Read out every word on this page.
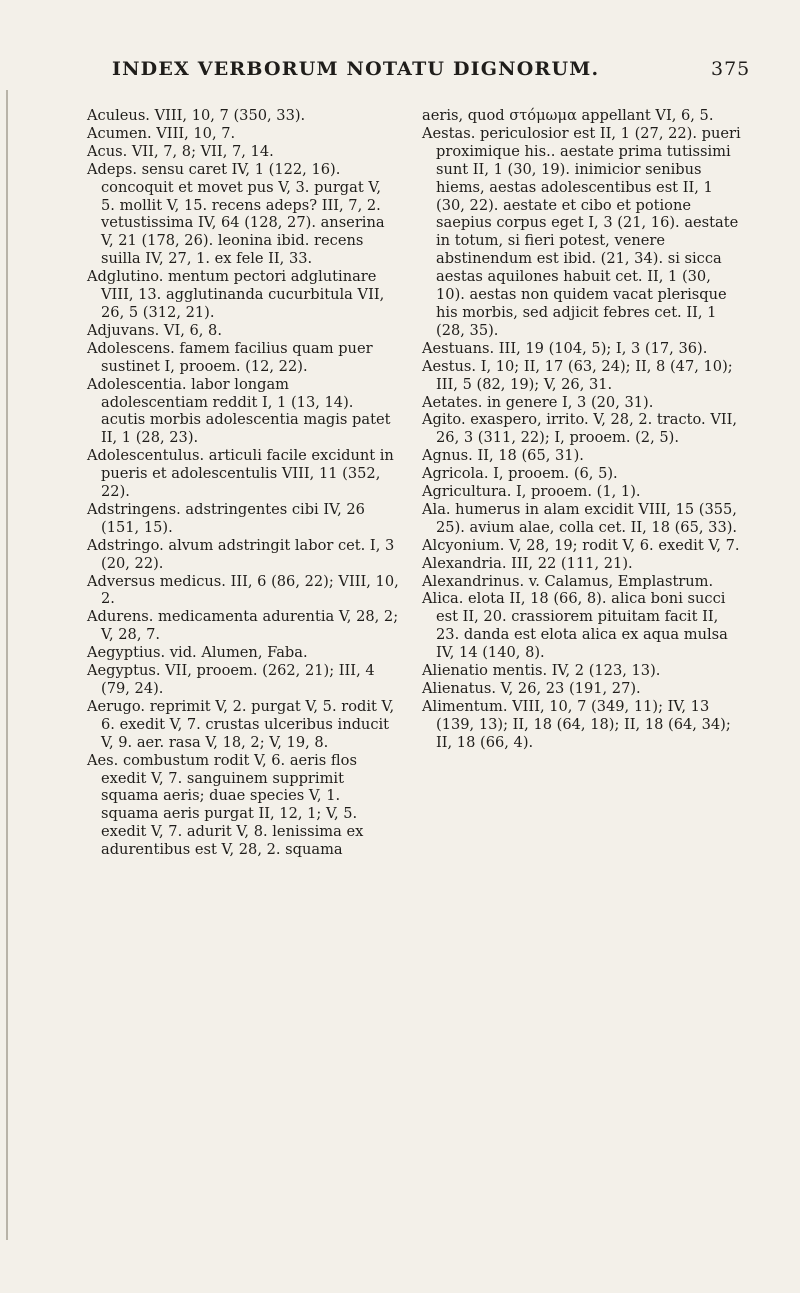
INDEX VERBORUM NOTATU DIGNORUM.	375

Aculeus. VIII, 10, 7 (350, 33).

Acumen. VIII, 10, 7.

Acus. VII, 7, 8; VII, 7, 14.

Adeps. sensu caret IV, 1 (122, 16). concoquit et movet pus V, 3. purgat V, 5. mollit V, 15. recens adeps? III, 7, 2. vetustissima IV, 64 (128, 27). anserina V, 21 (178, 26). leonina ibid. recens suilla IV, 27, 1. ex fele II, 33.

Adglutino. mentum pectori adglutinare VIII, 13. agglutinanda cucurbitula VII, 26, 5 (312, 21).

Adjuvans. VI, 6, 8.

Adolescens. famem facilius quam puer sustinet I, prooem. (12, 22).

Adolescentia. labor longam adolescentiam reddit I, 1 (13, 14). acutis morbis adolescentia magis patet II, 1 (28, 23).

Adolescentulus. articuli facile excidunt in pueris et adolescentulis VIII, 11 (352, 22).

Adstringens. adstringentes cibi IV, 26 (151, 15).

Adstringo. alvum adstringit labor cet. I, 3 (20, 22).

Adversus medicus. III, 6 (86, 22); VIII, 10, 2.

Adurens. medicamenta adurentia V, 28, 2; V, 28, 7.

Aegyptius. vid. Alumen, Faba.

Aegyptus. VII, prooem. (262, 21); III, 4 (79, 24).

Aerugo. reprimit V, 2. purgat V, 5. rodit V, 6. exedit V, 7. crustas ulceribus inducit V, 9. aer. rasa V, 18, 2; V, 19, 8.

Aes. combustum rodit V, 6. aeris flos exedit V, 7. sanguinem supprimit squama aeris; duae species V, 1. squama aeris purgat II, 12, 1; V, 5. exedit V, 7. adurit V, 8. lenissima ex adurentibus est V, 28, 2. squama

aeris, quod στόμωμα appellant VI, 6, 5.

Aestas. periculosior est II, 1 (27, 22). pueri proximique his.. aestate prima tutissimi sunt II, 1 (30, 19). inimicior senibus hiems, aestas adolescentibus est II, 1 (30, 22). aestate et cibo et potione saepius corpus eget I, 3 (21, 16). aestate in totum, si fieri potest, venere abstinendum est ibid. (21, 34). si sicca aestas aquilones habuit cet. II, 1 (30, 10). aestas non quidem vacat plerisque his morbis, sed adjicit febres cet. II, 1 (28, 35).

Aestuans. III, 19 (104, 5); I, 3 (17, 36).

Aestus. I, 10; II, 17 (63, 24); II, 8 (47, 10); III, 5 (82, 19); V, 26, 31.

Aetates. in genere I, 3 (20, 31).

Agito. exaspero, irrito. V, 28, 2. tracto. VII, 26, 3 (311, 22); I, prooem. (2, 5).

Agnus. II, 18 (65, 31).

Agricola. I, prooem. (6, 5).

Agricultura. I, prooem. (1, 1).

Ala. humerus in alam excidit VIII, 15 (355, 25). avium alae, colla cet. II, 18 (65, 33).

Alcyonium. V, 28, 19; rodit V, 6. exedit V, 7.

Alexandria. III, 22 (111, 21).

Alexandrinus. v. Calamus, Emplastrum.

Alica. elota II, 18 (66, 8). alica boni succi est II, 20. crassiorem pituitam facit II, 23. danda est elota alica ex aqua mulsa IV, 14 (140, 8).

Alienatio mentis. IV, 2 (123, 13).

Alienatus. V, 26, 23 (191, 27).

Alimentum. VIII, 10, 7 (349, 11); IV, 13 (139, 13); II, 18 (64, 18); II, 18 (64, 34); II, 18 (66, 4).
